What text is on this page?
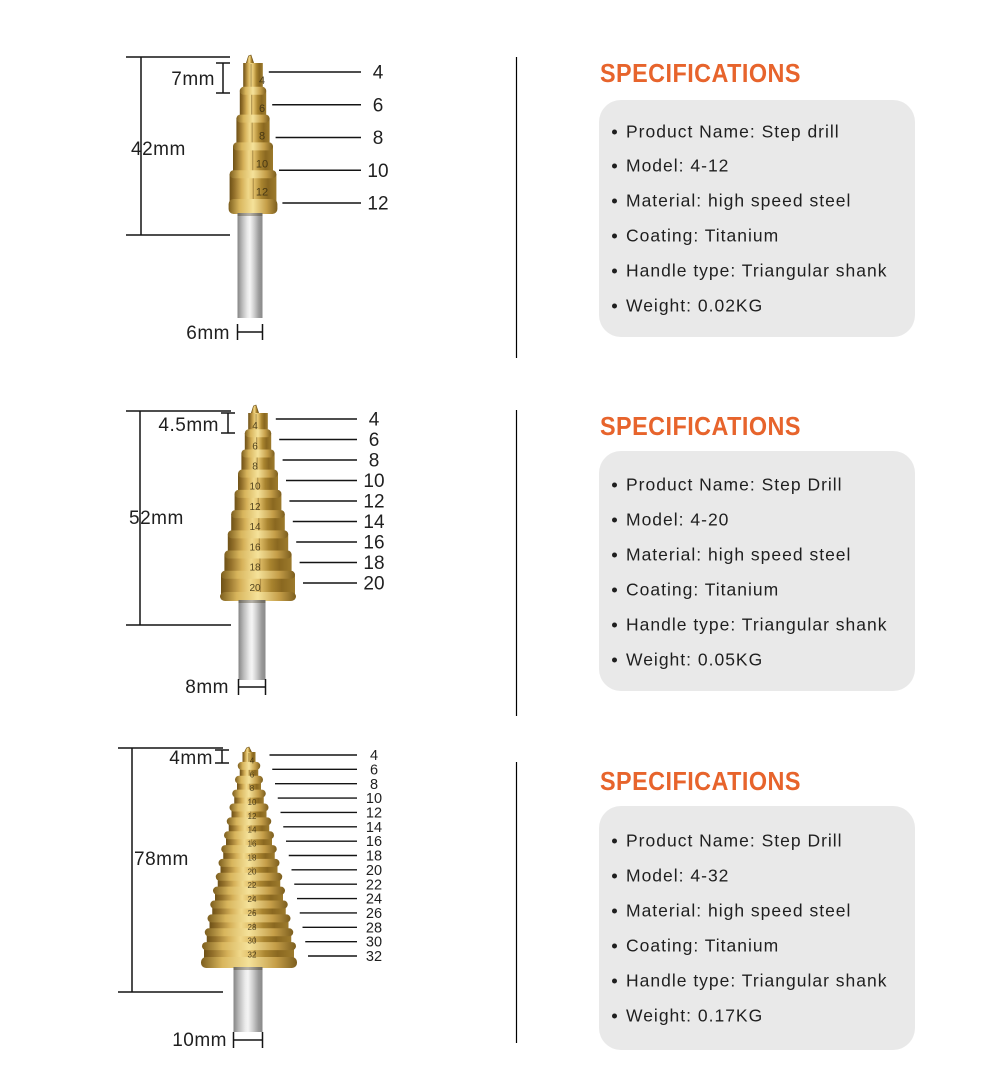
42mm
7mm	4
6
8
10
12
4
6
8
10
12
6mm
52mm
4.5mm	4
6
8
10
12
14
16
18
20
4
6
8
10
12
14
16
18
20
8mm
78mm
4mm	4
6
8
10
12
14
16
18
20
22
24
26
28
30
32
4
6
8
10
12
14
16
18
20
22
24
26
28
30
32
10mm
SPECIFICATIONS
Product Name: Step drill
Model: 4-12
Material: high speed steel
Coating: Titanium
Handle type: Triangular shank
Weight: 0.02KG
SPECIFICATIONS
Product Name: Step Drill
Model: 4-20
Material: high speed steel
Coating: Titanium
Handle type: Triangular shank
Weight: 0.05KG
SPECIFICATIONS
Product Name: Step Drill
Model: 4-32
Material: high speed steel
Coating: Titanium
Handle type: Triangular shank
Weight: 0.17KG
